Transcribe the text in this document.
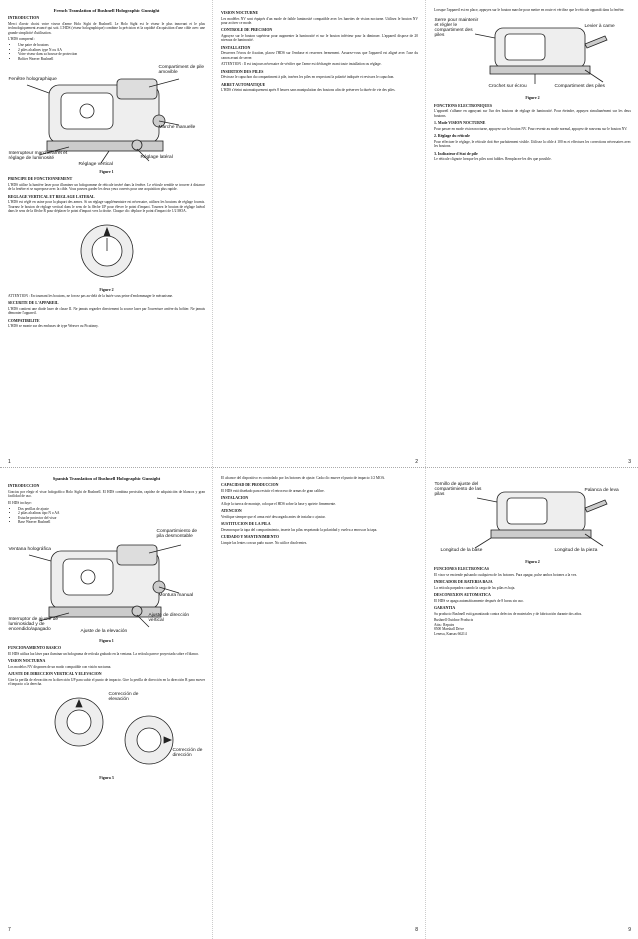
French Translation of Bushnell Holographic Gunsight
INTRODUCTION

Merci d'avoir choisi votre viseur d'arme Holo Sight de Bushnell. Le Holo Sight est le viseur le plus innovant et le plus technologiquement avancé qui soit. L'HDS (viseur holographique) combine la précision et la rapidité d'acquisition d'une cible avec une grande simplicité d'utilisation.

L'HDS comprend :

• Une paire de boutons
• 2 piles alcalines type N ou AA
• Votre viseur dans sa housse de protection
• Boîtier Weaver Bushnell
Fenêtre holographique
Compartiment de pile amovible
Marche manuelle
Interrupteur marche/arrêt et réglage de luminosité	Réglage latéral
Réglage vertical
Figure 1
PRINCIPE DE FONCTIONNEMENT

L'HDS utilise la lumière laser pour illuminer un hologramme de réticule inséré dans la fenêtre. Le réticule semble se trouver à distance de la fenêtre et se superpose avec la cible. Vous pouvez garder les deux yeux ouverts pour une acquisition plus rapide.

REGLAGE VERTICAL ET REGLAGE LATERAL

L'HDS est réglé en usine pour la plupart des armes. Si un réglage supplémentaire est nécessaire, utilisez les boutons de réglage fournis. Tournez le bouton de réglage vertical dans le sens de la flèche UP pour élever le point d'impact. Tournez le bouton de réglage latéral dans le sens de la flèche R pour déplacer le point d'impact vers la droite. Chaque clic déplace le point d'impact de 1/2 MOA.

Figure 2

ATTENTION : En tournant les boutons, ne forcez pas au-delà de la butée sous peine d'endommager le mécanisme.

SECURITE DE L'APPAREIL

L'HDS contient une diode laser de classe II. Ne jamais regarder directement la source laser par l'ouverture arrière du boîtier. Ne jamais démonter l'appareil.

COMPATIBILITE

L'HDS se monte sur des embases de type Weaver ou Picatinny.

1
VISION NOCTURNE

Les modèles NV sont équipés d'un mode de faible luminosité compatible avec les lunettes de vision nocturne. Utilisez le bouton NV pour activer ce mode.

CONTROLE DE PRECISION

Appuyez sur le bouton supérieur pour augmenter la luminosité et sur le bouton inférieur pour la diminuer. L'appareil dispose de 20 niveaux de luminosité.

INSTALLATION

Desserrez l'écrou de fixation, placez l'HDS sur l'embase et resserrez fermement. Assurez-vous que l'appareil est aligné avec l'axe du canon avant de serrer.

ATTENTION : Il est toujours nécessaire de vérifier que l'arme est déchargée avant toute installation ou réglage.

INSERTION DES PILES

Dévissez le capuchon du compartiment à pile, insérez les piles en respectant la polarité indiquée et revissez le capuchon.

ARRET AUTOMATIQUE

L'HDS s'éteint automatiquement après 8 heures sans manipulation des boutons afin de préserver la durée de vie des piles.

2

Lorsque l'appareil est en place, appuyez sur le bouton marche pour mettre en route et vérifiez que le réticule apparaît dans la fenêtre.

Serre pour maintenir et régler le compartiment des piles
Levier à came
Compartiment des piles
Crochet sur écrou
Figure 2
FONCTIONS ELECTRONIQUES

L'appareil s'allume en appuyant sur l'un des boutons de réglage de luminosité. Pour éteindre, appuyez simultanément sur les deux boutons.

1. Mode VISION NOCTURNE

Pour passer en mode vision nocturne, appuyez sur le bouton NV. Pour revenir au mode normal, appuyez de nouveau sur le bouton NV.

2. Réglage du réticule

Pour effectuer le réglage, le réticule doit être parfaitement visible. Utilisez la cible à 100 m et effectuez les corrections nécessaires avec les boutons.

3. Indicateur d'état de pile

Le réticule clignote lorsque les piles sont faibles. Remplacez-les dès que possible.

3
Spanish Translation of Bushnell Holographic Gunsight
INTRODUCCION

Gracias por elegir el visor holográfico Holo Sight de Bushnell. El HDS combina precisión, rapidez de adquisición de blancos y gran facilidad de uso.

El HDS incluye:

• Dos perillas de ajuste
• 2 pilas alcalinas tipo N o AA
• Estuche protector del visor
• Base Weaver Bushnell
Ventana holográfica
Compartimiento de pila desmontable
Montura manual
Interruptor de ajuste de luminosidad y de encendido/apagado
Ajuste de dirección vertical
Ajuste de la elevación
Figura 1
FUNCIONAMIENTO BASICO

El HDS utiliza luz láser para iluminar un holograma de retícula grabado en la ventana. La retícula parece proyectada sobre el blanco.

VISION NOCTURNA

Los modelos NV disponen de un modo compatible con visión nocturna.

AJUSTE DE DIRECCION VERTICAL Y ELEVACION

Gire la perilla de elevación en la dirección UP para subir el punto de impacto. Gire la perilla de dirección en la dirección R para mover el impacto a la derecha.

Corrección de elevación
Corrección de dirección
Figura 3
7

El alcance del dispositivo es controlado por los botones de ajuste. Cada clic mueve el punto de impacto 1/2 MOA.

CAPACIDAD DE PRODUCCION

El HDS está diseñado para resistir el retroceso de armas de gran calibre.

INSTALACION

Afloje la tuerca de montaje, coloque el HDS sobre la base y apriete firmemente.

ATENCION

Verifique siempre que el arma esté descargada antes de instalar o ajustar.

SUSTITUCION DE LA PILA

Desenrosque la tapa del compartimiento, inserte las pilas respetando la polaridad y vuelva a enroscar la tapa.

CUIDADO Y MANTENIMIENTO

Limpie las lentes con un paño suave. No utilice disolventes.

8
Tornillo de ajuste del compartimiento de las pilas
Palanca de leva
Longitud de la base	Longitud de la pieza
Figura 2
FUNCIONES ELECTRONICAS

El visor se enciende pulsando cualquiera de los botones. Para apagar, pulse ambos botones a la vez.

INDICADOR DE BATERIA BAJA

La retícula parpadea cuando la carga de las pilas es baja.

DESCONEXION AUTOMATICA

El HDS se apaga automáticamente después de 8 horas sin uso.

GARANTIA

Su producto Bushnell está garantizado contra defectos de materiales y de fabricación durante dos años.

Bushnell Outdoor Products
Attn.: Repairs
8500 Marshall Drive
Lenexa, Kansas 66214

9
